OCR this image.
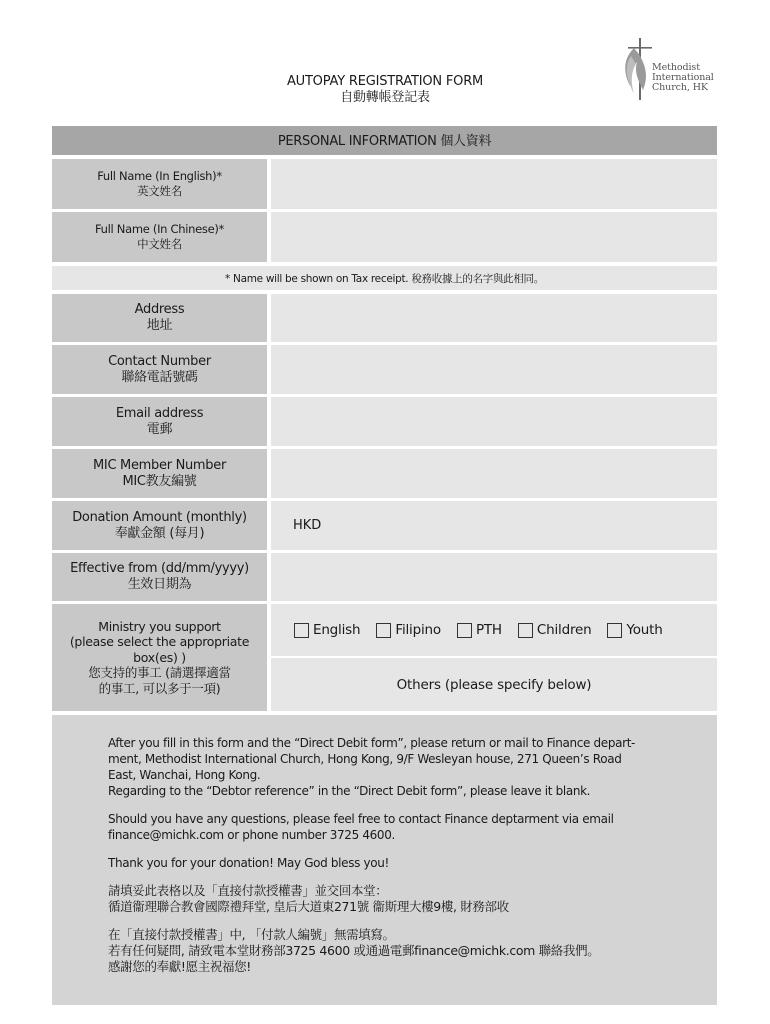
AUTOPAY REGISTRATION FORM
自動轉帳登記表
Methodist
International
Church, HK
PERSONAL INFORMATION 個人資料
Full Name (In English)*
英文姓名
Full Name (In Chinese)*
中文姓名
* Name will be shown on Tax receipt. 稅務收據上的名字與此相同。
Address
地址
Contact Number
聯絡電話號碼
Email address
電郵
MIC Member Number
MIC教友編號
Donation Amount (monthly)
奉獻金額 (每月)	HKD
Effective from (dd/mm/yyyy)
生效日期為
Ministry you support
(please select the appropriate
box(es) )
您支持的事工 (請選擇適當
的事工, 可以多于一項)
English	Filipino	PTH	Children	Youth
Others (please specify below)

After you fill in this form and the “Direct Debit form”, please return or mail to Finance depart-
ment, Methodist International Church, Hong Kong, 9/F Wesleyan house, 271 Queen’s Road
East, Wanchai, Hong Kong.
Regarding to the “Debtor reference” in the “Direct Debit form”, please leave it blank.

Should you have any questions, please feel free to contact Finance deptarment via email
finance@michk.com or phone number 3725 4600.

Thank you for your donation! May God bless you!

請填妥此表格以及「直接付款授權書」並交回本堂：
循道衞理聯合教會國際禮拜堂, 皇后大道東271號 衞斯理大樓9樓, 財務部收

在「直接付款授權書」中, 「付款人編號」無需填寫。
若有任何疑問, 請致電本堂財務部3725 4600 或通過電郵finance@michk.com 聯絡我們。
感謝您的奉獻!愿主祝福您!
